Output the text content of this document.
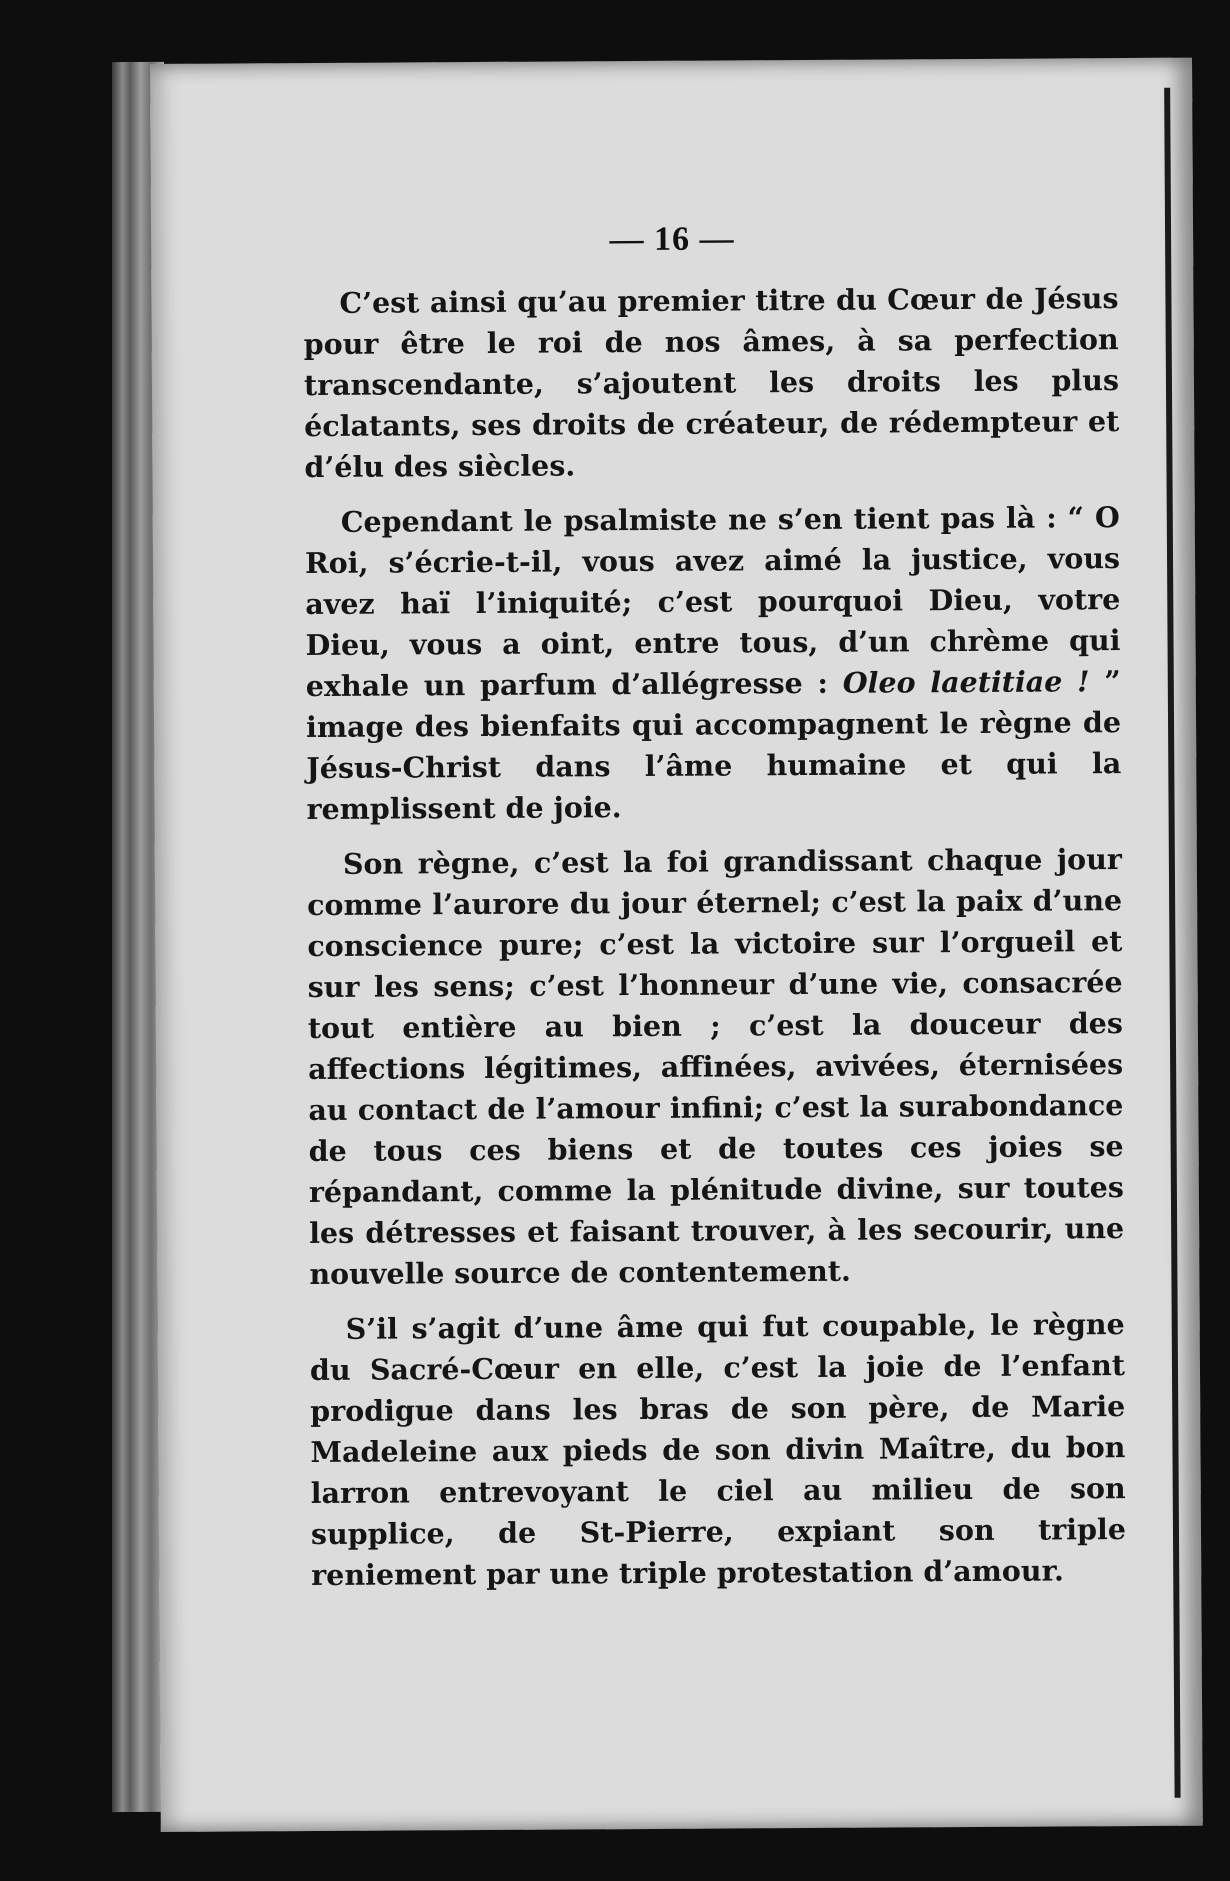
— 16 —

C’est ainsi qu’au premier titre du Cœur de Jésus pour être le roi de nos âmes, à sa perfection transcendante, s’ajoutent les droits les plus éclatants, ses droits de créateur, de rédempteur et d’élu des siècles.

Cependant le psalmiste ne s’en tient pas là : “ O Roi, s’écrie-t-il, vous avez aimé la justice, vous avez haï l’iniquité; c’est pourquoi Dieu, votre Dieu, vous a oint, entre tous, d’un chrème qui exhale un parfum d’allégresse : Oleo laetitiae ! ” image des bienfaits qui accompagnent le règne de Jésus-Christ dans l’âme humaine et qui la remplissent de joie.

Son règne, c’est la foi grandissant chaque jour comme l’aurore du jour éternel; c’est la paix d’une conscience pure; c’est la victoire sur l’orgueil et sur les sens; c’est l’honneur d’une vie, consacrée tout entière au bien ; c’est la douceur des affections légitimes, affinées, avivées, éternisées au contact de l’amour infini; c’est la surabondance de tous ces biens et de toutes ces joies se répandant, comme la plénitude divine, sur toutes les détresses et faisant trouver, à les secourir, une nouvelle source de contentement.

S’il s’agit d’une âme qui fut coupable, le règne du Sacré-Cœur en elle, c’est la joie de l’enfant prodigue dans les bras de son père, de Marie Madeleine aux pieds de son divin Maître, du bon larron entrevoyant le ciel au milieu de son supplice, de St-Pierre, expiant son triple reniement par une triple protestation d’amour.
